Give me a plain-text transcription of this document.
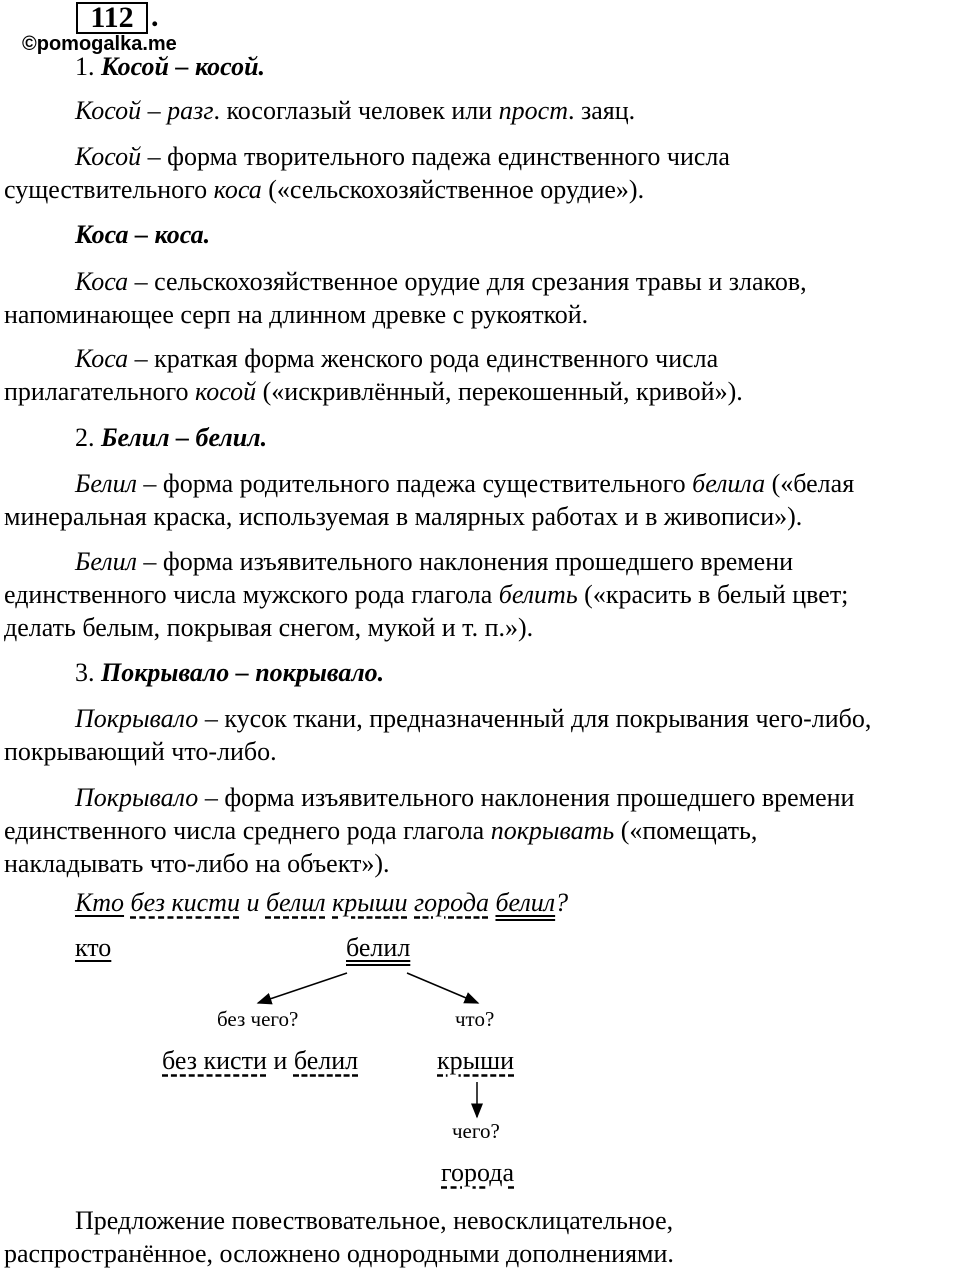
112 .
©pomogalka.me

1. Косой – косой.

Косой – разг. косоглазый человек или прост. заяц.

Косой – форма творительного падежа единственного числа
существительного коса («сельскохозяйственное орудие»).

Коса – коса.

Коса – сельскохозяйственное орудие для срезания травы и злаков,
напоминающее серп на длинном древке с рукояткой.
Коса – краткая форма женского рода единственного числа
прилагательного косой («искривлённый, перекошенный, кривой»).

2. Белил – белил.

Белил – форма родительного падежа существительного белила («белая
минеральная краска, используемая в малярных работах и в живописи»).
Белил – форма изъявительного наклонения прошедшего времени
единственного числа мужского рода глагола белить («красить в белый цвет;
делать белым, покрывая снегом, мукой и т. п.»).

3. Покрывало – покрывало.

Покрывало – кусок ткани, предназначенный для покрывания чего-либо,
покрывающий что-либо.
Покрывало – форма изъявительного наклонения прошедшего времени
единственного числа среднего рода глагола покрывать («помещать,
накладывать что-либо на объект»).

Кто без кисти и белил крыши города белил?

кто	белил
без чего?	что?
без кисти и белил	крыши
чего?
города
Предложение повествовательное, невосклицательное,
распространённое, осложнено однородными дополнениями.
